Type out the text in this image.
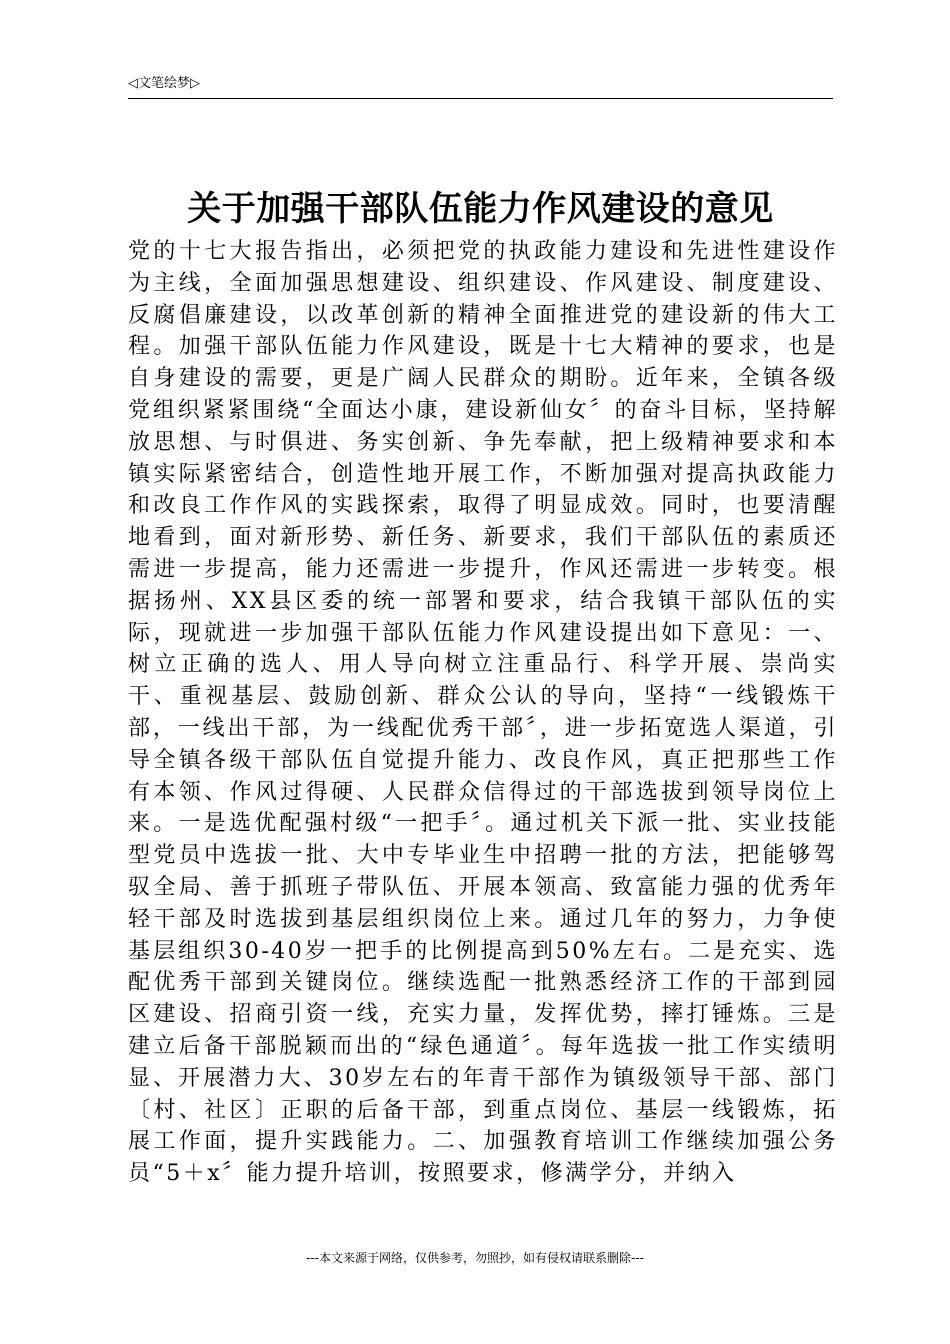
◁文笔绘梦▷
关于加强干部队伍能力作风建设的意见
党的十七大报告指出，必须把党的执政能力建设和先进性建设作为主线，全面加强思想建设、组织建设、作风建设、制度建设、反腐倡廉建设，以改革创新的精神全面推进党的建设新的伟大工程。加强干部队伍能力作风建设，既是十七大精神的要求，也是自身建设的需要，更是广阔人民群众的期盼。近年来，全镇各级党组织紧紧围绕“全面达小康，建设新仙女〞的奋斗目标，坚持解放思想、与时俱进、务实创新、争先奉献，把上级精神要求和本镇实际紧密结合，创造性地开展工作，不断加强对提高执政能力和改良工作作风的实践探索，取得了明显成效。同时，也要清醒地看到，面对新形势、新任务、新要求，我们干部队伍的素质还需进一步提高，能力还需进一步提升，作风还需进一步转变。根据扬州、XX县区委的统一部署和要求，结合我镇干部队伍的实际，现就进一步加强干部队伍能力作风建设提出如下意见：一、树立正确的选人、用人导向树立注重品行、科学开展、崇尚实干、重视基层、鼓励创新、群众公认的导向，坚持“一线锻炼干部，一线出干部，为一线配优秀干部〞，进一步拓宽选人渠道，引导全镇各级干部队伍自觉提升能力、改良作风，真正把那些工作有本领、作风过得硬、人民群众信得过的干部选拔到领导岗位上来。一是选优配强村级“一把手〞。通过机关下派一批、实业技能型党员中选拔一批、大中专毕业生中招聘一批的方法，把能够驾驭全局、善于抓班子带队伍、开展本领高、致富能力强的优秀年轻干部及时选拔到基层组织岗位上来。通过几年的努力，力争使基层组织30-40岁一把手的比例提高到50%左右。二是充实、选配优秀干部到关键岗位。继续选配一批熟悉经济工作的干部到园区建设、招商引资一线，充实力量，发挥优势，摔打锤炼。三是建立后备干部脱颖而出的“绿色通道〞。每年选拔一批工作实绩明显、开展潜力大、30岁左右的年青干部作为镇级领导干部、部门〔村、社区〕正职的后备干部，到重点岗位、基层一线锻炼，拓展工作面，提升实践能力。二、加强教育培训工作继续加强公务员“5＋x〞能力提升培训，按照要求，修满学分，并纳入
---本文来源于网络，仅供参考，勿照抄，如有侵权请联系删除---
